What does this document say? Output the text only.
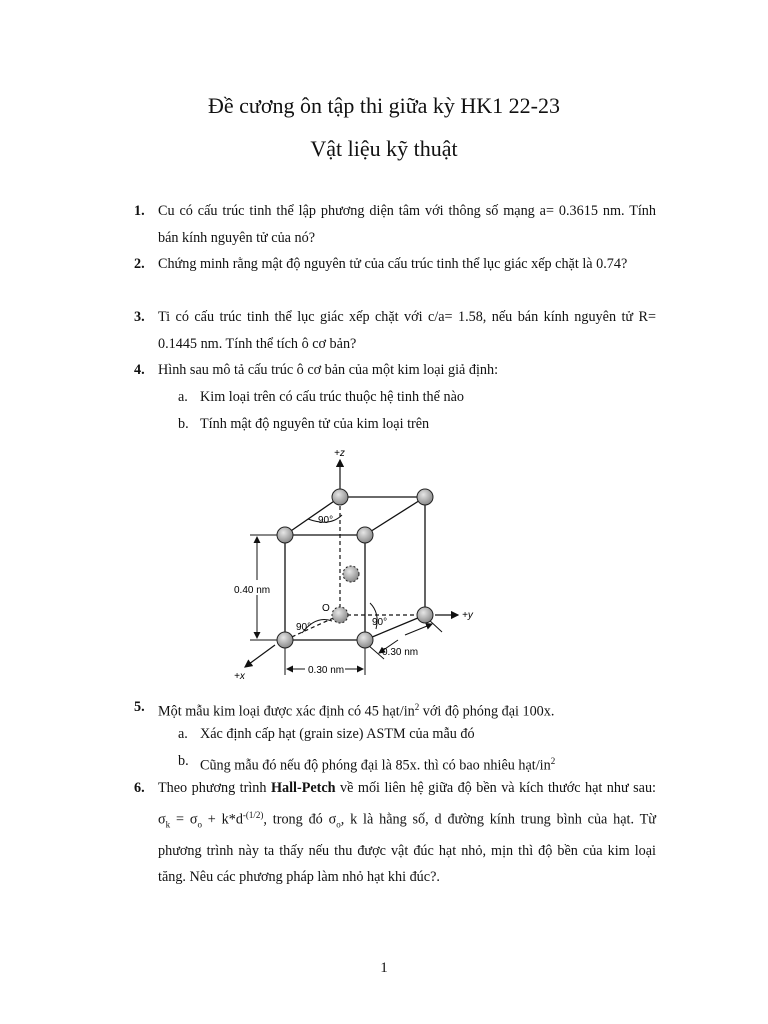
Đề cương ôn tập thi giữa kỳ HK1 22-23
Vật liệu kỹ thuật
1. Cu có cấu trúc tinh thể lập phương diện tâm với thông số mạng a= 0.3615 nm. Tính bán kính nguyên tử của nó?
2. Chứng minh rằng mật độ nguyên tử của cấu trúc tinh thể lục giác xếp chặt là 0.74?
3. Ti có cấu trúc tinh thể lục giác xếp chặt với c/a= 1.58, nếu bán kính nguyên tử R= 0.1445 nm. Tính thể tích ô cơ bản?
4. Hình sau mô tả cấu trúc ô cơ bản của một kim loại giả định:
a. Kim loại trên có cấu trúc thuộc hệ tinh thể nào
b. Tính mật độ nguyên tử của kim loại trên
+z
+y
+x
O
90°
90°	90°
0.40 nm
0.30 nm
0.30 nm
5. Một mẫu kim loại được xác định có 45 hạt/$in^2$ với độ phóng đại 100x.
a. Xác định cấp hạt (grain size) ASTM của mẫu đó
b. Cũng mẫu đó nếu độ phóng đại là 85x. thì có bao nhiêu hạt/$in^2$
6. Theo phương trình Hall-Petch về mối liên hệ giữa độ bền và kích thước hạt như sau: $\sigma_k = \sigma_o + k*d^{-(1/2)}$, trong đó $\sigma_o$, k là hằng số, d đường kính trung bình của hạt. Từ phương trình này ta thấy nếu thu được vật đúc hạt nhỏ, mịn thì độ bền của kim loại tăng. Nêu các phương pháp làm nhỏ hạt khi đúc?.
1
